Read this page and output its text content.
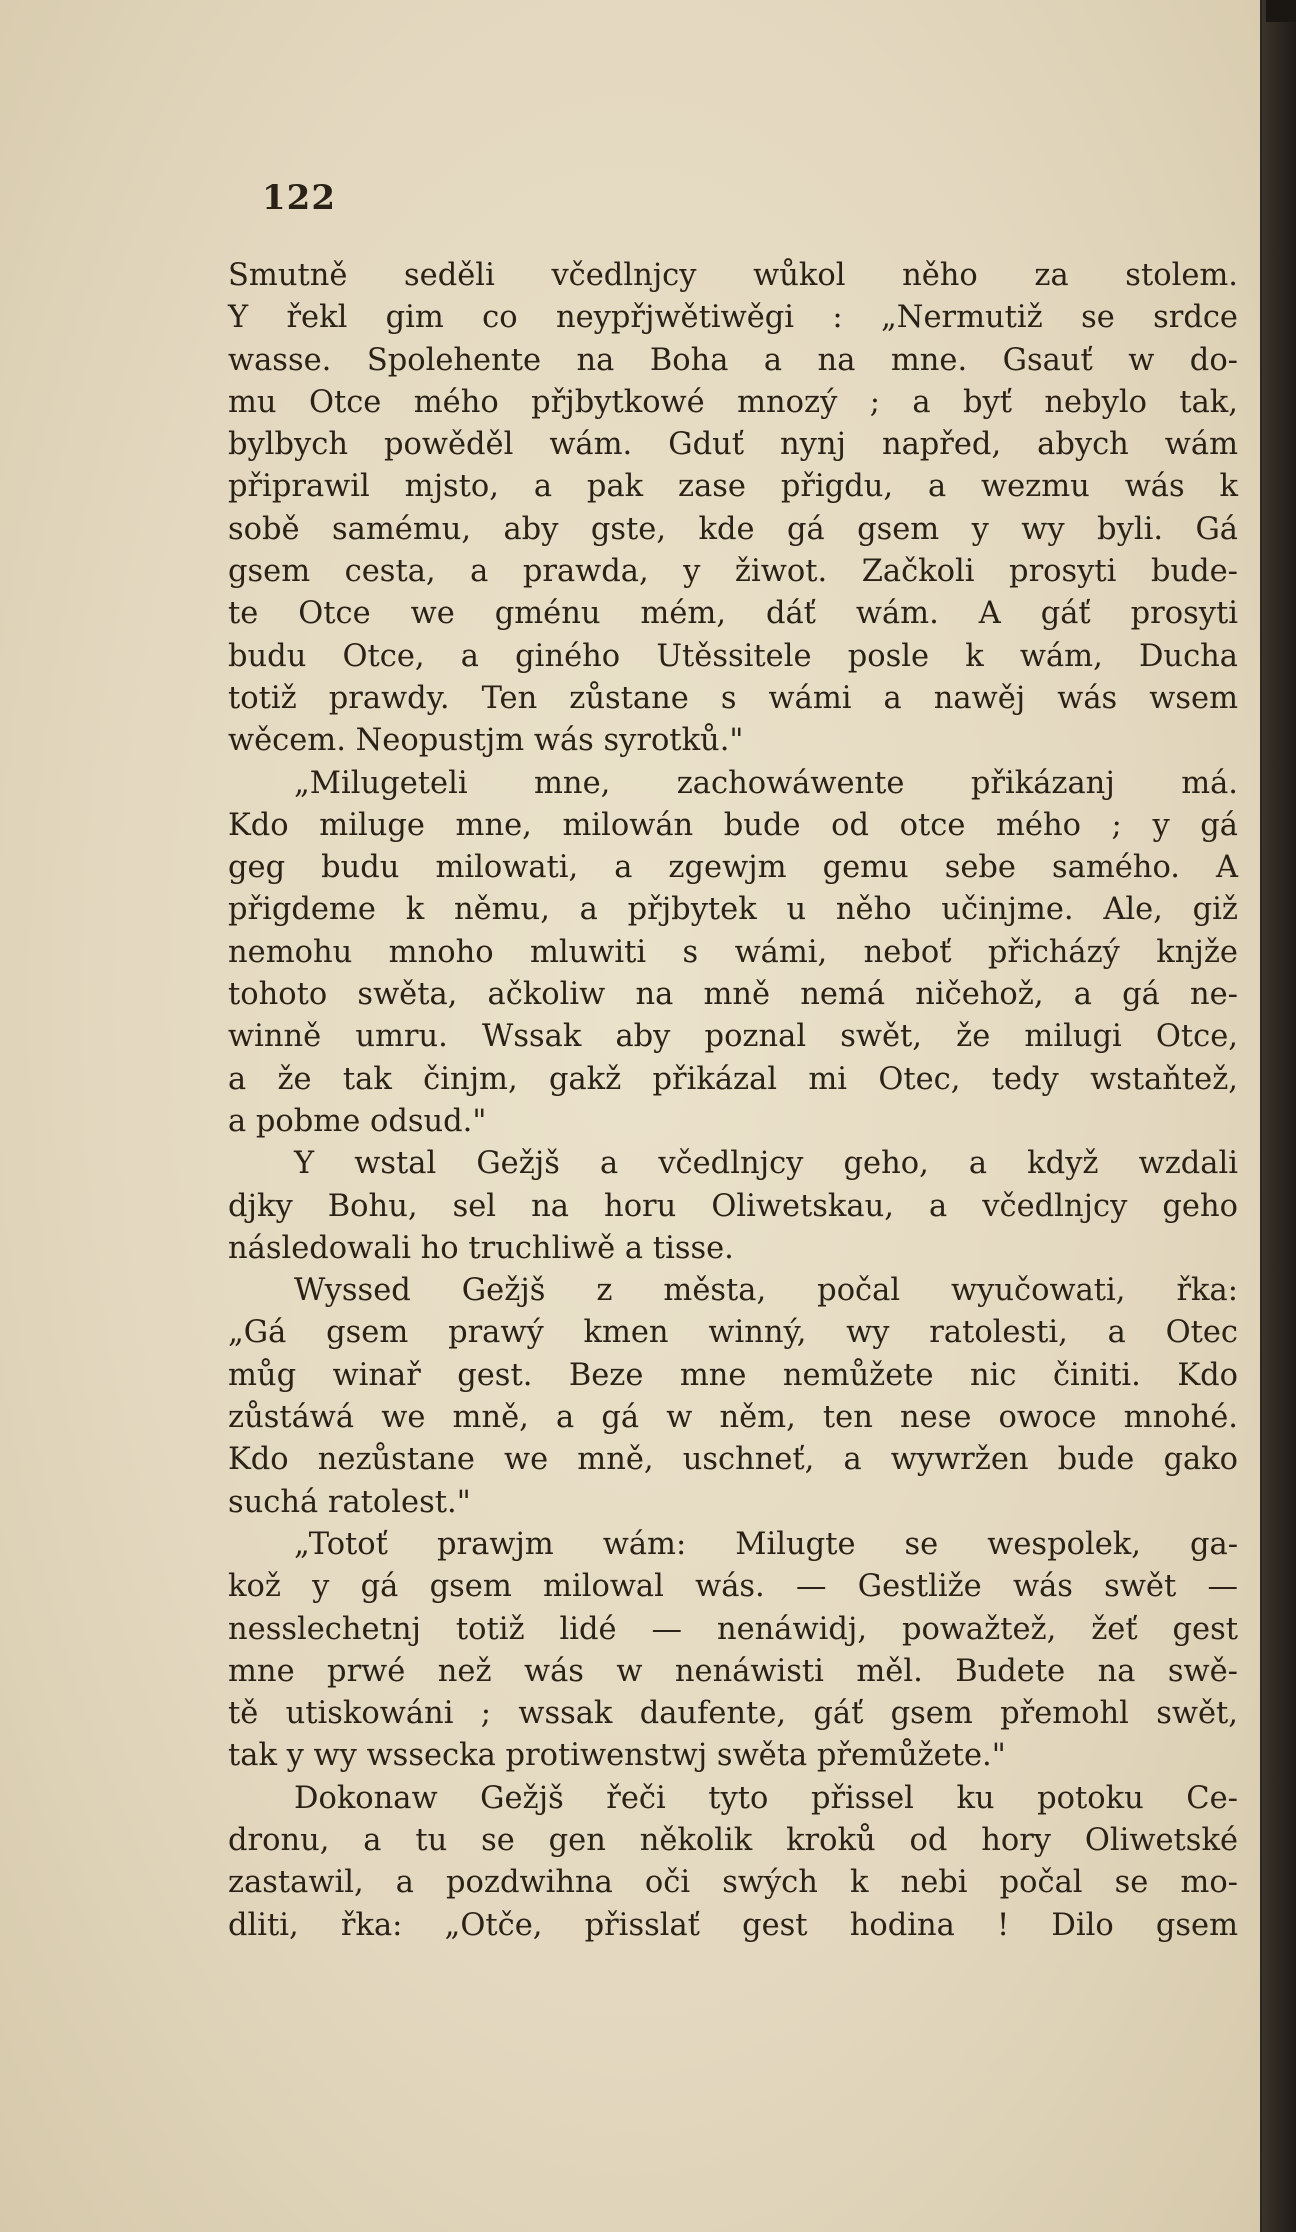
122
Smutně seděli včedlnjcy wůkol něho za stolem.
Y řekl gim co neypřjwětiwěgi : „Nermutiž se srdce
wasse. Spolehente na Boha a na mne. Gsauť w do-
mu Otce mého přjbytkowé mnozý ; a byť nebylo tak,
bylbych powěděl wám. Gduť nynj napřed, abych wám
připrawil mjsto, a pak zase přigdu, a wezmu wás k
sobě samému, aby gste, kde gá gsem y wy byli. Gá
gsem cesta, a prawda, y žiwot. Začkoli prosyti bude-
te Otce we gménu mém, dáť wám. A gáť prosyti
budu Otce, a giného Utěssitele posle k wám, Ducha
totiž prawdy. Ten zůstane s wámi a nawěj wás wsem
wěcem. Neopustjm wás syrotků."
„Milugeteli mne, zachowáwente přikázanj má.
Kdo miluge mne, milowán bude od otce mého ; y gá
geg budu milowati, a zgewjm gemu sebe samého. A
přigdeme k němu, a přjbytek u něho učinjme. Ale, giž
nemohu mnoho mluwiti s wámi, neboť přicházý knjže
tohoto swěta, ačkoliw na mně nemá ničehož, a gá ne-
winně umru. Wssak aby poznal swět, že milugi Otce,
a že tak činjm, gakž přikázal mi Otec, tedy wstaňtež,
a pobme odsud."
Y wstal Gežjš a včedlnjcy geho, a když wzdali
djky Bohu, sel na horu Oliwetskau, a včedlnjcy geho
následowali ho truchliwě a tisse.
Wyssed Gežjš z města, počal wyučowati, řka:
„Gá gsem prawý kmen winný, wy ratolesti, a Otec
můg winař gest. Beze mne nemůžete nic činiti. Kdo
zůstáwá we mně, a gá w něm, ten nese owoce mnohé.
Kdo nezůstane we mně, uschneť, a wywržen bude gako
suchá ratolest."
„Totoť prawjm wám: Milugte se wespolek, ga-
kož y gá gsem milowal wás. — Gestliže wás swět —
nesslechetnj totiž lidé — nenáwidj, powažtež, žeť gest
mne prwé než wás w nenáwisti měl. Budete na swě-
tě utiskowáni ; wssak daufente, gáť gsem přemohl swět,
tak y wy wssecka protiwenstwj swěta přemůžete."
Dokonaw Gežjš řeči tyto přissel ku potoku Ce-
dronu, a tu se gen několik kroků od hory Oliwetské
zastawil, a pozdwihna oči swých k nebi počal se mo-
dliti, řka: „Otče, přisslať gest hodina ! Dilo gsem
